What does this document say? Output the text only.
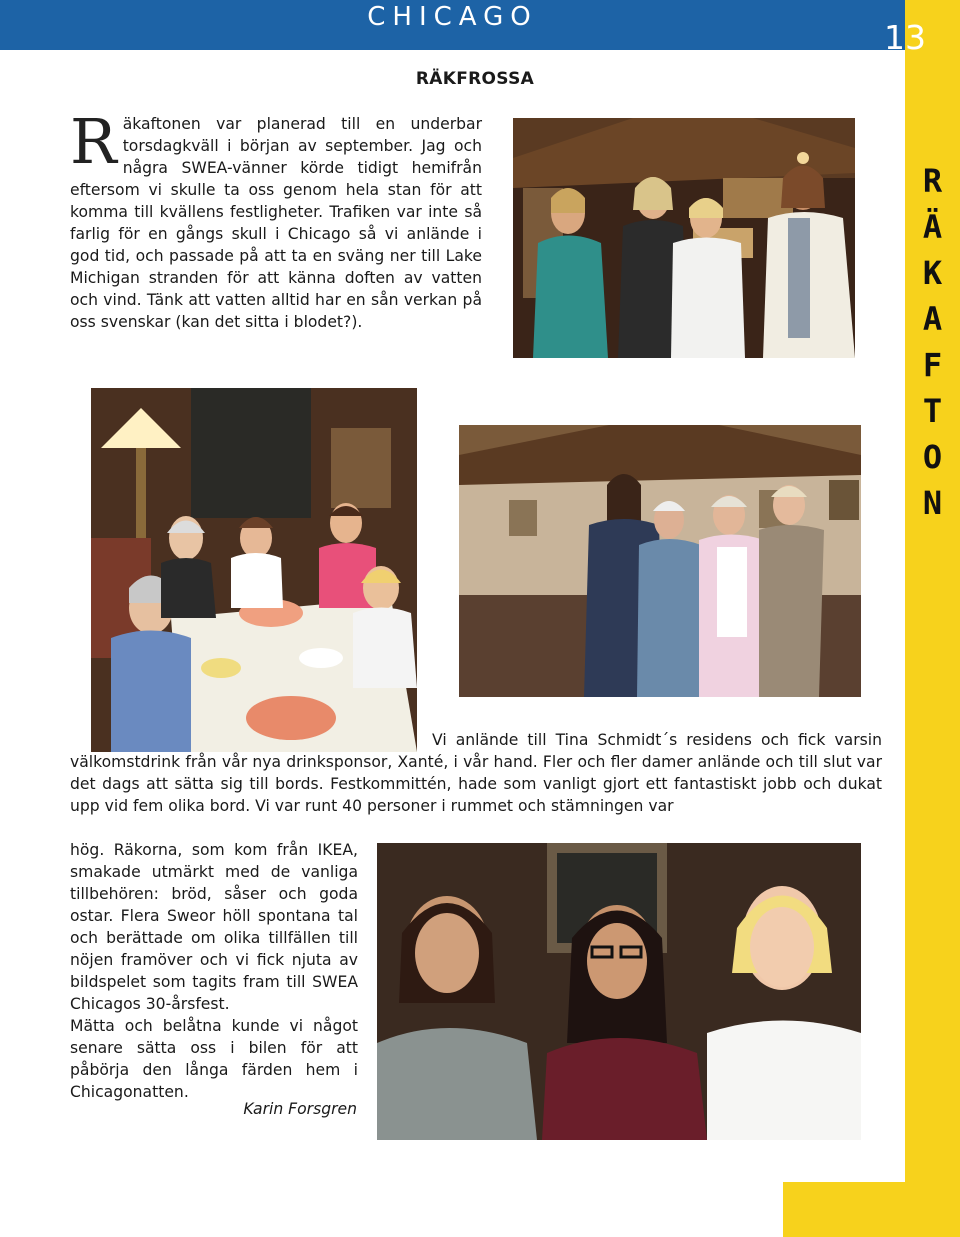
CHICAGO
13
R
Ä
K
A
F
T
O
N
RÄKFROSSA
Räkaftonen var planerad till en underbar torsdagkväll i början av september. Jag och några SWEA-vänner körde tidigt hemifrån eftersom vi skulle ta oss genom hela stan för att komma till kvällens festligheter. Trafiken var inte så farlig för en gångs skull i Chicago så vi anlände i god tid, och passade på att ta en sväng ner till Lake Michigan stranden för att känna doften av vatten och vind. Tänk att vatten alltid har en sån verkan på oss svenskar (kan det sitta i blodet?).
Vi anlände till Tina Schmidt´s residens och fick varsin välkomstdrink från vår nya drinksponsor, Xanté, i vår hand. Fler och fler damer anlände och till slut var det dags att sätta sig till bords. Festkommittén, hade som vanligt gjort ett fantastiskt jobb och dukat upp vid fem olika bord. Vi var runt 40 personer i rummet och stämningen var
hög. Räkorna, som kom från IKEA, smakade utmärkt med de vanliga tillbehören: bröd, såser och goda ostar. Flera Sweor höll spontana tal och berättade om olika tillfällen till nöjen framöver och vi fick njuta av bildspelet som tagits fram till SWEA Chicagos 30-årsfest.
Mätta och belåtna kunde vi något senare sätta oss i bilen för att påbörja den långa färden hem i Chicagonatten.
Karin Forsgren
